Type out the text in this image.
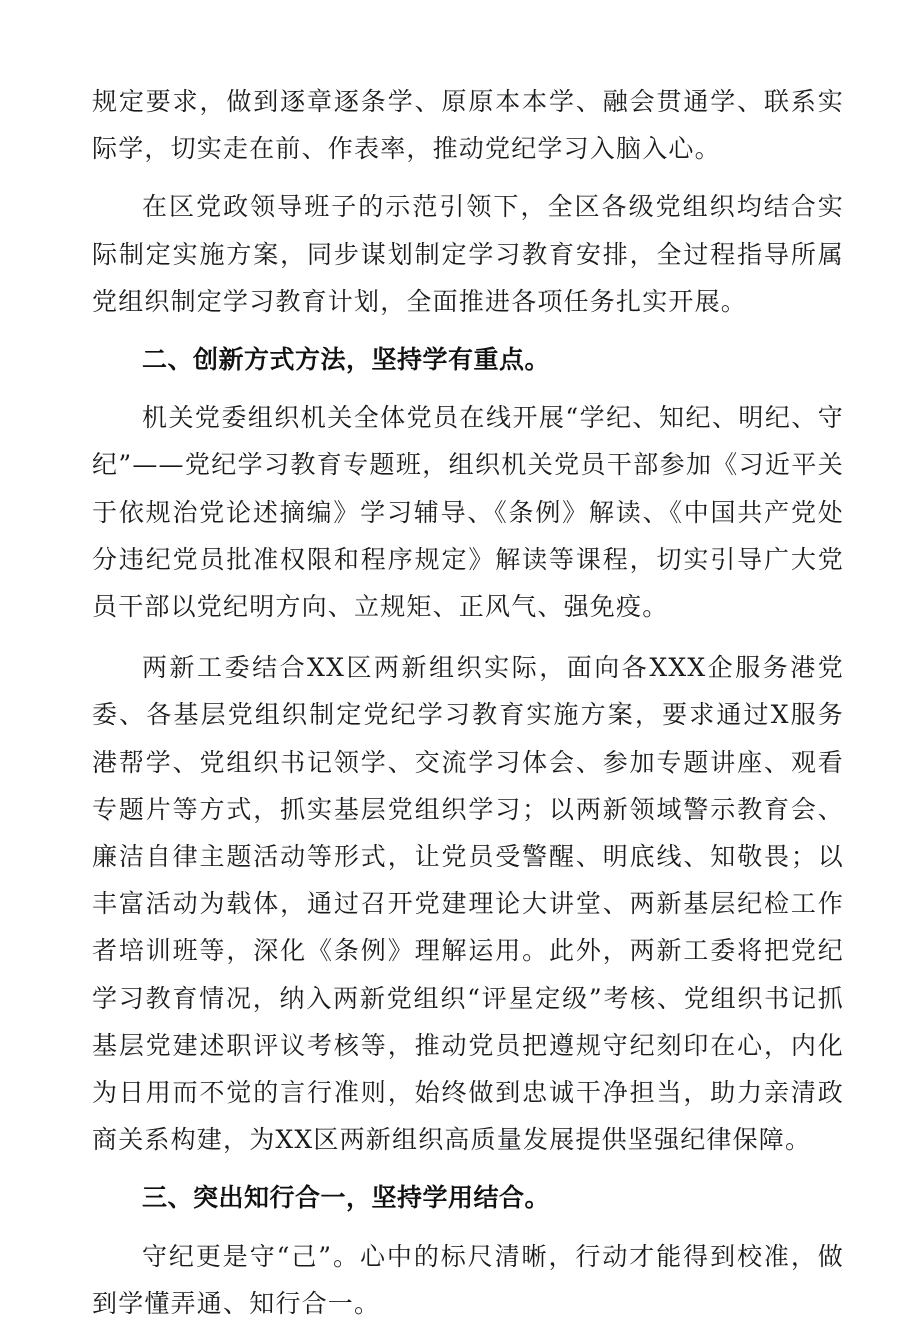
规定要求，做到逐章逐条学、原原本本学、融会贯通学、联系实际学，切实走在前、作表率，推动党纪学习入脑入心。

在区党政领导班子的示范引领下，全区各级党组织均结合实际制定实施方案，同步谋划制定学习教育安排，全过程指导所属党组织制定学习教育计划，全面推进各项任务扎实开展。

二、创新方式方法，坚持学有重点。

机关党委组织机关全体党员在线开展“学纪、知纪、明纪、守纪”——党纪学习教育专题班，组织机关党员干部参加《习近平关于依规治党论述摘编》学习辅导、《条例》解读、《中国共产党处分违纪党员批准权限和程序规定》解读等课程，切实引导广大党员干部以党纪明方向、立规矩、正风气、强免疫。

两新工委结合XX区两新组织实际，面向各XXX企服务港党委、各基层党组织制定党纪学习教育实施方案，要求通过X服务港帮学、党组织书记领学、交流学习体会、参加专题讲座、观看专题片等方式，抓实基层党组织学习；以两新领域警示教育会、廉洁自律主题活动等形式，让党员受警醒、明底线、知敬畏；以丰富活动为载体，通过召开党建理论大讲堂、两新基层纪检工作者培训班等，深化《条例》理解运用。此外，两新工委将把党纪学习教育情况，纳入两新党组织“评星定级”考核、党组织书记抓基层党建述职评议考核等，推动党员把遵规守纪刻印在心，内化为日用而不觉的言行准则，始终做到忠诚干净担当，助力亲清政商关系构建，为XX区两新组织高质量发展提供坚强纪律保障。

三、突出知行合一，坚持学用结合。

守纪更是守“己”。心中的标尺清晰，行动才能得到校准，做到学懂弄通、知行合一。
